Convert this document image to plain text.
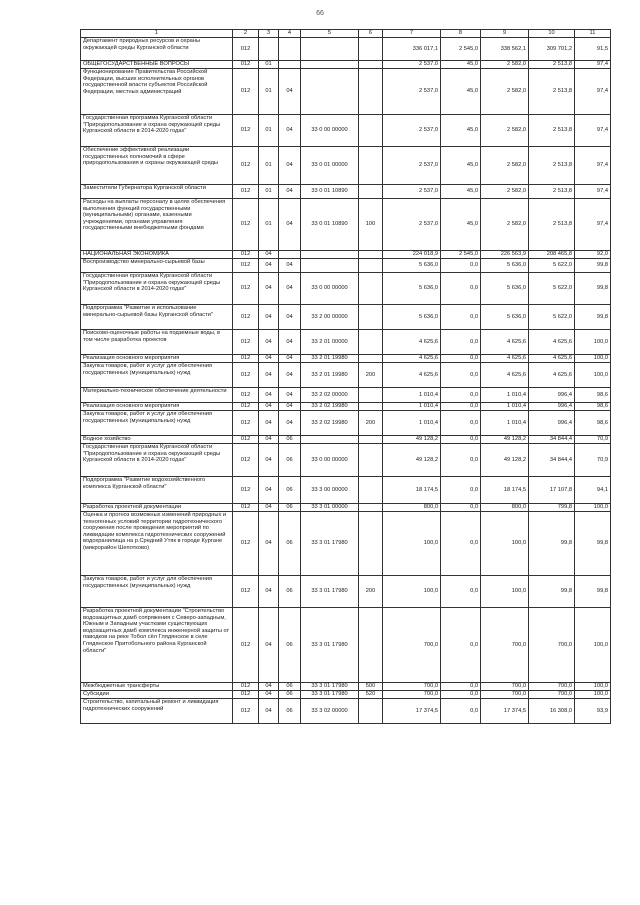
66
1	2	3	4	5	6	7	8	9	10	11
Департамент природных ресурсов и охраны окружающей среды Курганской области	012					336 017,1	2 545,0	338 562,1	309 701,2	91,5
ОБЩЕГОСУДАРСТВЕННЫЕ ВОПРОСЫ	012	01				2 537,0	45,0	2 582,0	2 513,8	97,4
Функционирование Правительства Российской Федерации, высших исполнительных органов государственной власти субъектов Российской Федерации, местных администраций	012	01	04			2 537,0	45,0	2 582,0	2 513,8	97,4
Государственная программа Курганской области "Природопользование и охрана окружающей среды Курганской области в 2014-2020 годах"	012	01	04	33 0 00 00000		2 537,0	45,0	2 582,0	2 513,8	97,4
Обеспечение эффективной реализации государственных полномочий в сфере природопользования и охраны окружающей среды	012	01	04	33 0 01 00000		2 537,0	45,0	2 582,0	2 513,8	97,4
Заместители Губернатора Курганской области	012	01	04	33 0 01 10890		2 537,0	45,0	2 582,0	2 513,8	97,4
Расходы на выплаты персоналу в целях обеспечения выполнения функций государственными (муниципальными) органами, казенными учреждениями, органами управления государственными внебюджетными фондами	012	01	04	33 0 01 10890	100	2 537,0	45,0	2 582,0	2 513,8	97,4
НАЦИОНАЛЬНАЯ ЭКОНОМИКА	012	04				224 018,9	2 545,0	226 563,9	208 465,8	92,0
Воспроизводство минерально-сырьевой базы	012	04	04			5 636,0	0,0	5 636,0	5 622,0	99,8
Государственная программа Курганской области "Природопользование и охрана окружающей среды Курганской области в 2014-2020 годах"	012	04	04	33 0 00 00000		5 636,0	0,0	5 636,0	5 622,0	99,8
Подпрограмма "Развитие и использование минерально-сырьевой базы Курганской области"	012	04	04	33 2 00 00000		5 636,0	0,0	5 636,0	5 622,0	99,8
Поисково-оценочные работы на подземные воды, в том числе разработка проектов	012	04	04	33 2 01 00000		4 625,6	0,0	4 625,6	4 625,6	100,0
Реализация основного мероприятия	012	04	04	33 2 01 19980		4 625,6	0,0	4 625,6	4 625,6	100,0
Закупка товаров, работ и услуг для обеспечения государственных (муниципальных) нужд	012	04	04	33 2 01 19980	200	4 625,6	0,0	4 625,6	4 625,6	100,0
Материально-техническое обеспечение деятельности	012	04	04	33 2 02 00000		1 010,4	0,0	1 010,4	996,4	98,6
Реализация основного мероприятия	012	04	04	33 2 02 19980		1 010,4	0,0	1 010,4	996,4	98,6
Закупка товаров, работ и услуг для обеспечения государственных (муниципальных) нужд	012	04	04	33 2 02 19980	200	1 010,4	0,0	1 010,4	996,4	98,6
Водное хозяйство	012	04	06			49 128,2	0,0	49 128,2	34 844,4	70,9
Государственная программа Курганской области "Природопользование и охрана окружающей среды Курганской области в 2014-2020 годах"	012	04	06	33 0 00 00000		49 128,2	0,0	49 128,2	34 844,4	70,9
Подпрограмма "Развитие водохозяйственного комплекса Курганской области"	012	04	06	33 3 00 00000		18 174,5	0,0	18 174,5	17 107,8	94,1
Разработка проектной документации	012	04	06	33 3 01 00000		800,0	0,0	800,0	799,8	100,0
Оценка и прогноз возможных изменений природных и техногенных условий территории гидротехнического сооружения после проведения мероприятий по ликвидации комплекса гидротехнических сооружений водохранилища на р.Средний Утяк в городе Кургане (микрорайон Шепотково)	012	04	06	33 3 01 17980		100,0	0,0	100,0	99,8	99,8
Закупка товаров, работ и услуг для обеспечения государственных (муниципальных) нужд	012	04	06	33 3 01 17980	200	100,0	0,0	100,0	99,8	99,8
Разработка проектной документации "Строительство водозащитных дамб сопряжения с Северо-западным, Южным и Западным участками существующих водозащитных дамб комплекса инженерной защиты от паводков на реке Тобол сёл Глядянское в селе Глядянское Притобольного района Курганской области"	012	04	06	33 3 01 17980		700,0	0,0	700,0	700,0	100,0
Межбюджетные трансферты	012	04	06	33 3 01 17980	500	700,0	0,0	700,0	700,0	100,0
Субсидии	012	04	06	33 3 01 17980	520	700,0	0,0	700,0	700,0	100,0
Строительство, капитальный ремонт и ликвидация гидротехнических сооружений	012	04	06	33 3 02 00000		17 374,5	0,0	17 374,5	16 308,0	93,9
